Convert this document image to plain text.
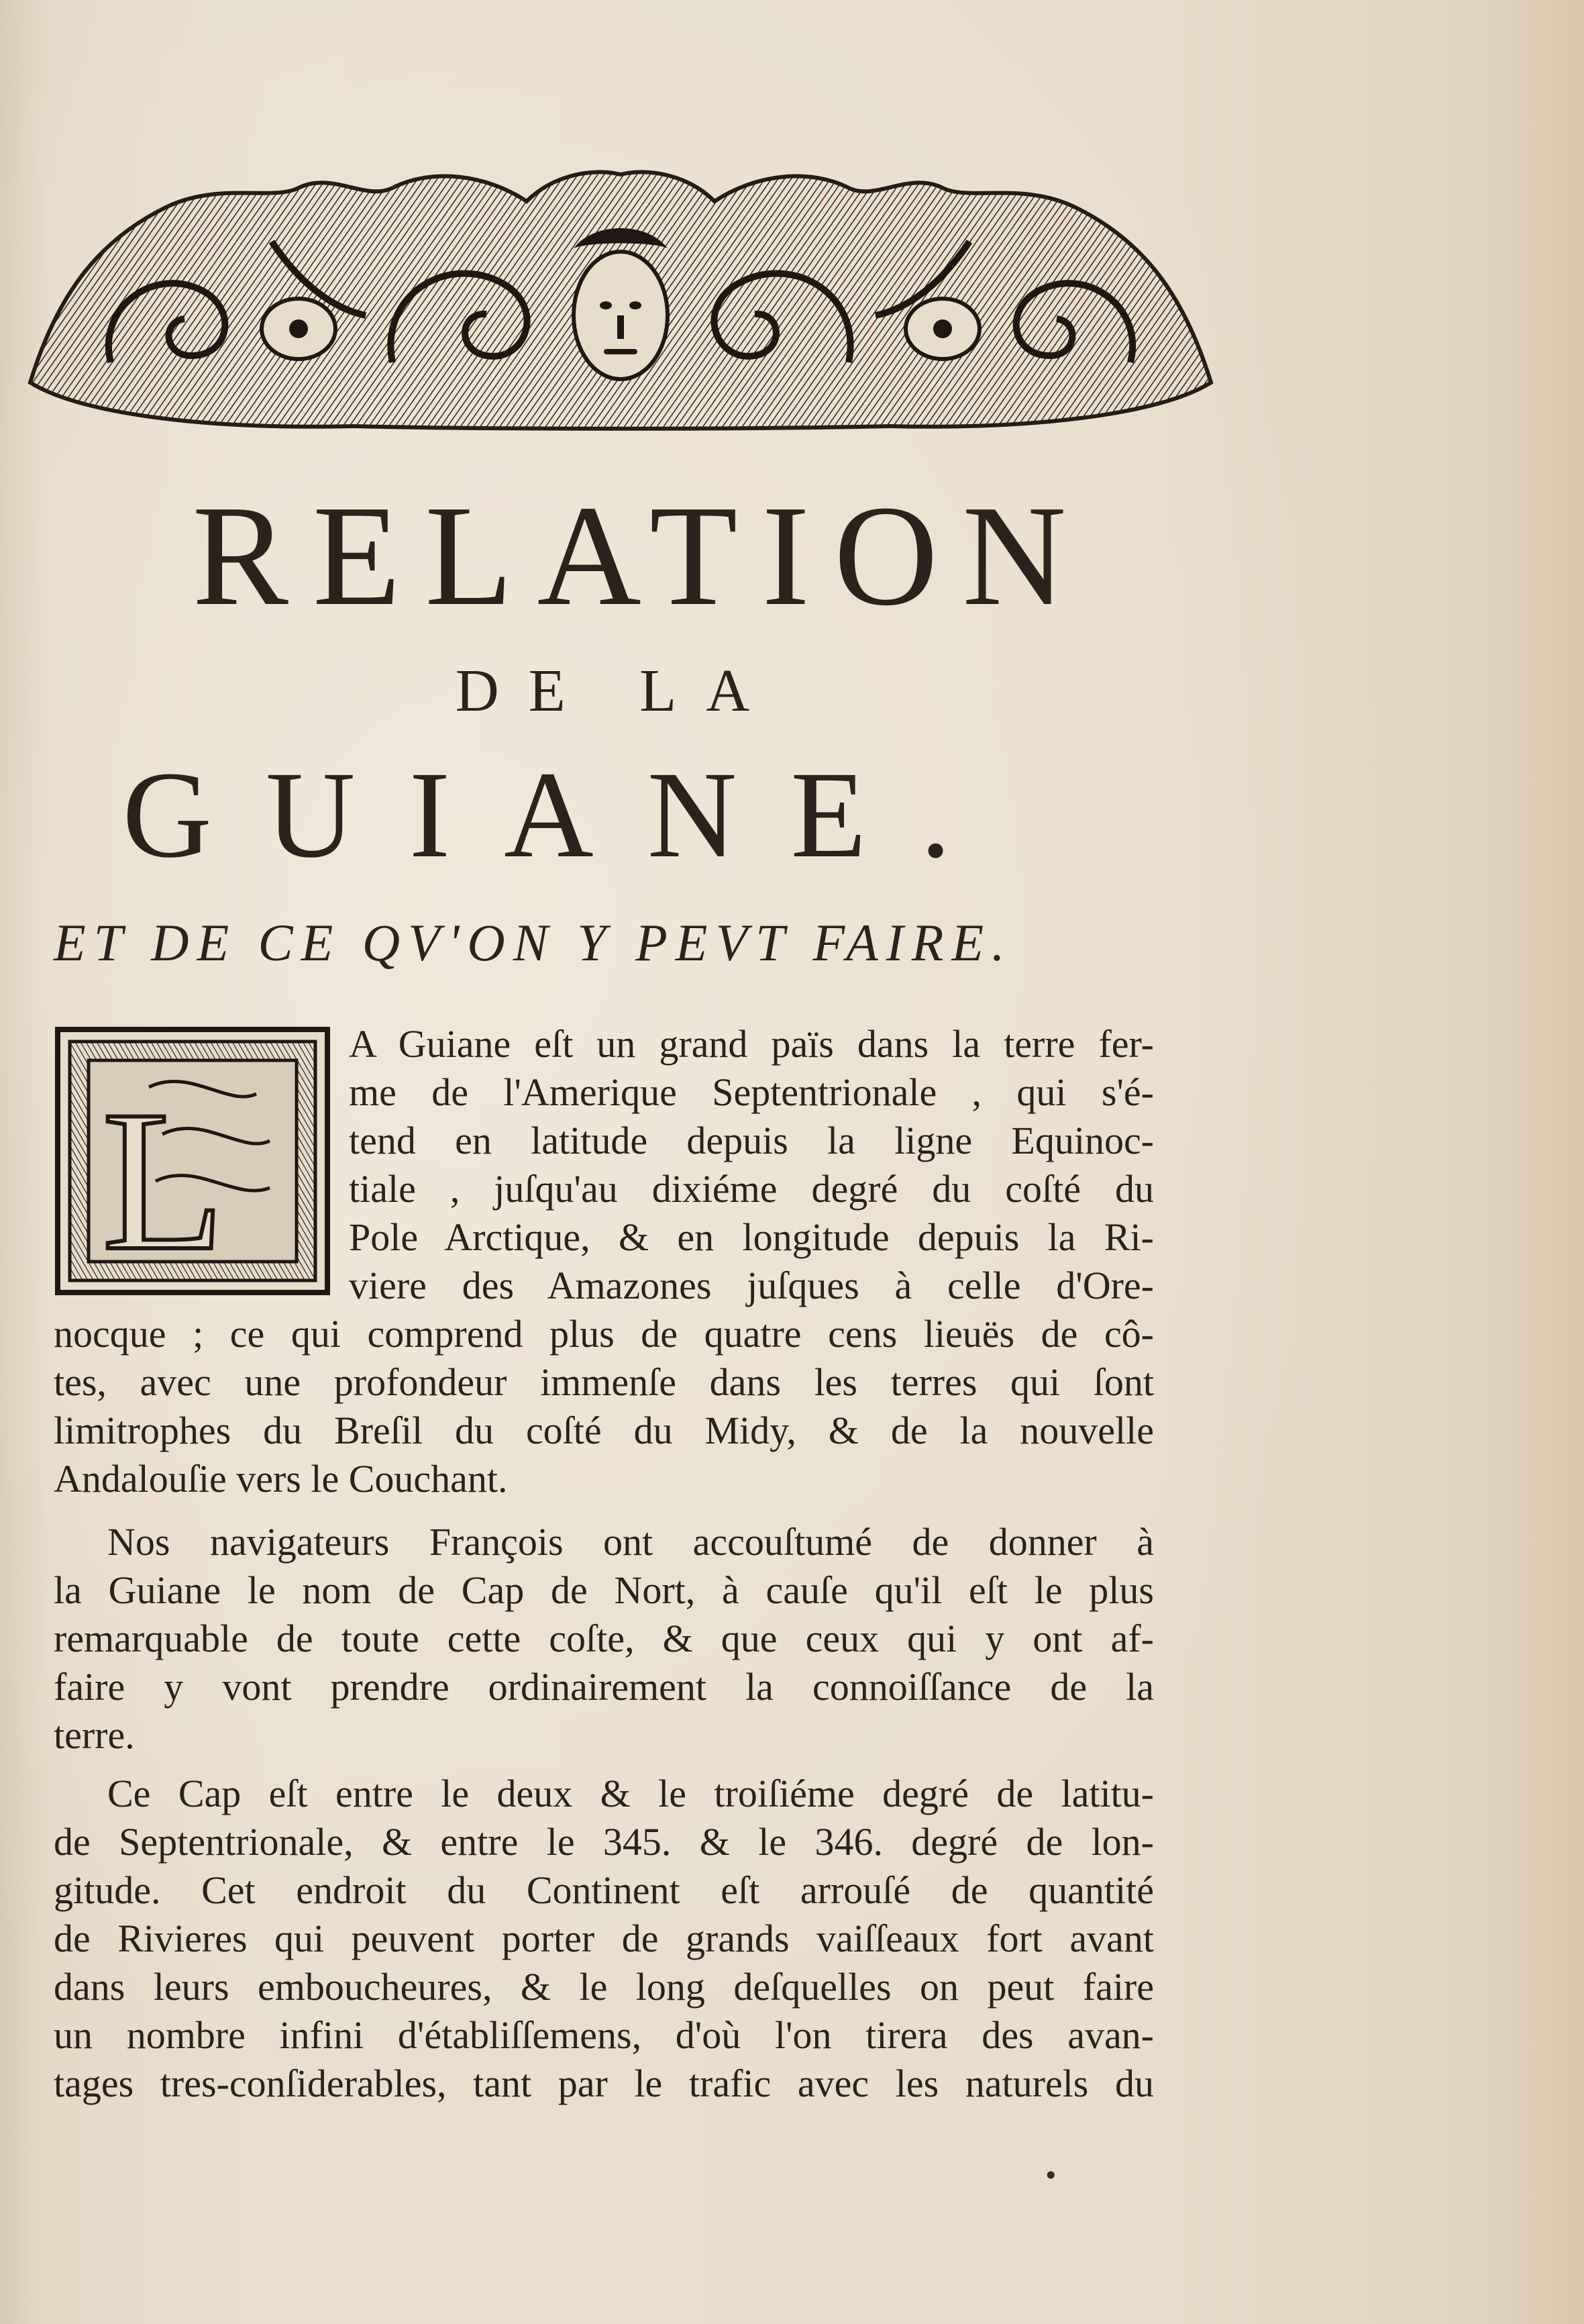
RELATION
DE LA
GUIANE.
ET DE CE QV'ON Y PEVT FAIRE.
L
A Guiane eſt un grand païs dans la terre fer-
me de l'Amerique Septentrionale , qui s'é-
tend en latitude depuis la ligne Equinoc-
tiale , juſqu'au dixiéme degré du coſté du
Pole Arctique, & en longitude depuis la Ri-
viere des Amazones juſques à celle d'Ore-
nocque ; ce qui comprend plus de quatre cens lieuës de cô-
tes, avec une profondeur immenſe dans les terres qui ſont
limitrophes du Breſil du coſté du Midy, & de la nouvelle
Andalouſie vers le Couchant.
Nos navigateurs François ont accouſtumé de donner à
la Guiane le nom de Cap de Nort, à cauſe qu'il eſt le plus
remarquable de toute cette coſte, & que ceux qui y ont af-
faire y vont prendre ordinairement la connoiſſance de la
terre.
Ce Cap eſt entre le deux & le troiſiéme degré de latitu-
de Septentrionale, & entre le 345. & le 346. degré de lon-
gitude. Cet endroit du Continent eſt arrouſé de quantité
de Rivieres qui peuvent porter de grands vaiſſeaux fort avant
dans leurs emboucheures, & le long deſquelles on peut faire
un nombre infini d'établiſſemens, d'où l'on tirera des avan-
tages tres-conſiderables, tant par le trafic avec les naturels du
•
